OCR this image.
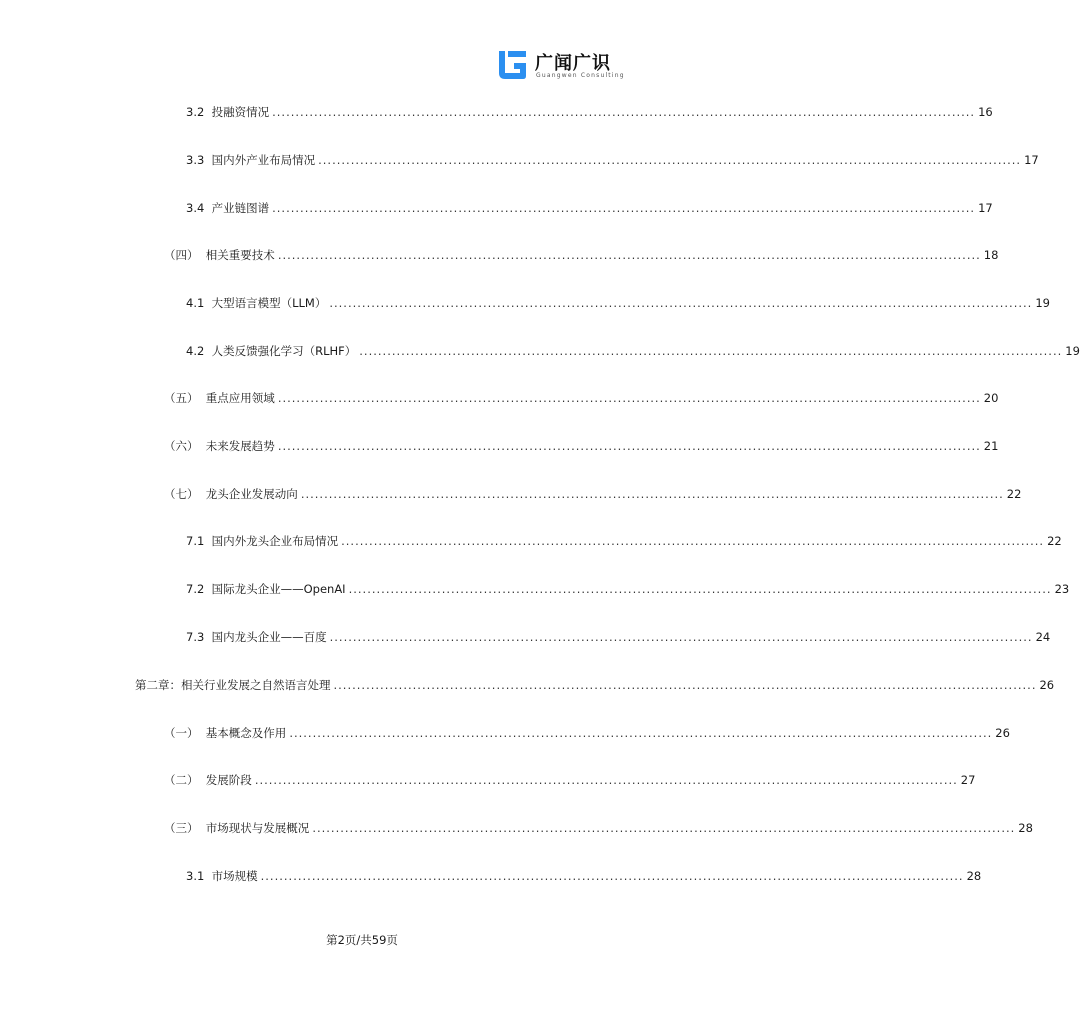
广闻广识
Guangwen Consulting
3.2  投融资情况 ....................................................................................................................................................... 16
3.3  国内外产业布局情况 ....................................................................................................................................................... 17
3.4  产业链图谱 ....................................................................................................................................................... 17
（四）  相关重要技术 ....................................................................................................................................................... 18
4.1  大型语言模型（LLM） ....................................................................................................................................................... 19
4.2  人类反馈强化学习（RLHF） ....................................................................................................................................................... 19
（五）  重点应用领域 ....................................................................................................................................................... 20
（六）  未来发展趋势 ....................................................................................................................................................... 21
（七）  龙头企业发展动向 ....................................................................................................................................................... 22
7.1  国内外龙头企业布局情况 ....................................................................................................................................................... 22
7.2  国际龙头企业——OpenAI ....................................................................................................................................................... 23
7.3  国内龙头企业——百度 ....................................................................................................................................................... 24
第二章：相关行业发展之自然语言处理 ....................................................................................................................................................... 26
（一）  基本概念及作用 ....................................................................................................................................................... 26
（二）  发展阶段 ....................................................................................................................................................... 27
（三）  市场现状与发展概况 ....................................................................................................................................................... 28
3.1  市场规模 ....................................................................................................................................................... 28
第2页/共59页
